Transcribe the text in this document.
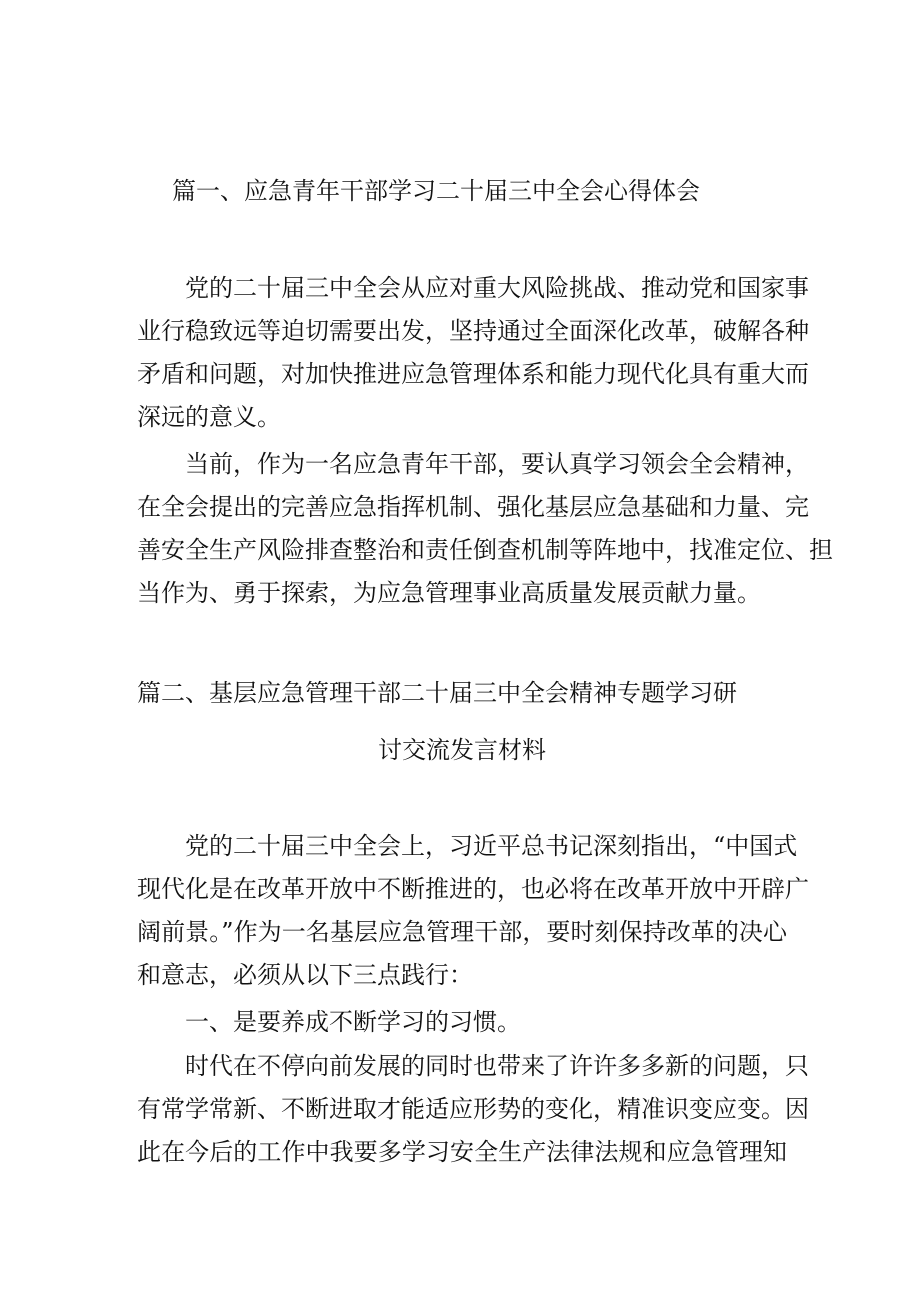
篇一、应急青年干部学习二十届三中全会心得体会
党的二十届三中全会从应对重大风险挑战、推动党和国家事
业行稳致远等迫切需要出发，坚持通过全面深化改革，破解各种
矛盾和问题，对加快推进应急管理体系和能力现代化具有重大而
深远的意义。
当前，作为一名应急青年干部，要认真学习领会全会精神，
在全会提出的完善应急指挥机制、强化基层应急基础和力量、完
善安全生产风险排查整治和责任倒查机制等阵地中，找准定位、担
当作为、勇于探索，为应急管理事业高质量发展贡献力量。
篇二、基层应急管理干部二十届三中全会精神专题学习研
讨交流发言材料
党的二十届三中全会上，习近平总书记深刻指出，“中国式
现代化是在改革开放中不断推进的，也必将在改革开放中开辟广
阔前景。”作为一名基层应急管理干部，要时刻保持改革的决心
和意志，必须从以下三点践行：
一、是要养成不断学习的习惯。
时代在不停向前发展的同时也带来了许许多多新的问题，只
有常学常新、不断进取才能适应形势的变化，精准识变应变。因
此在今后的工作中我要多学习安全生产法律法规和应急管理知
